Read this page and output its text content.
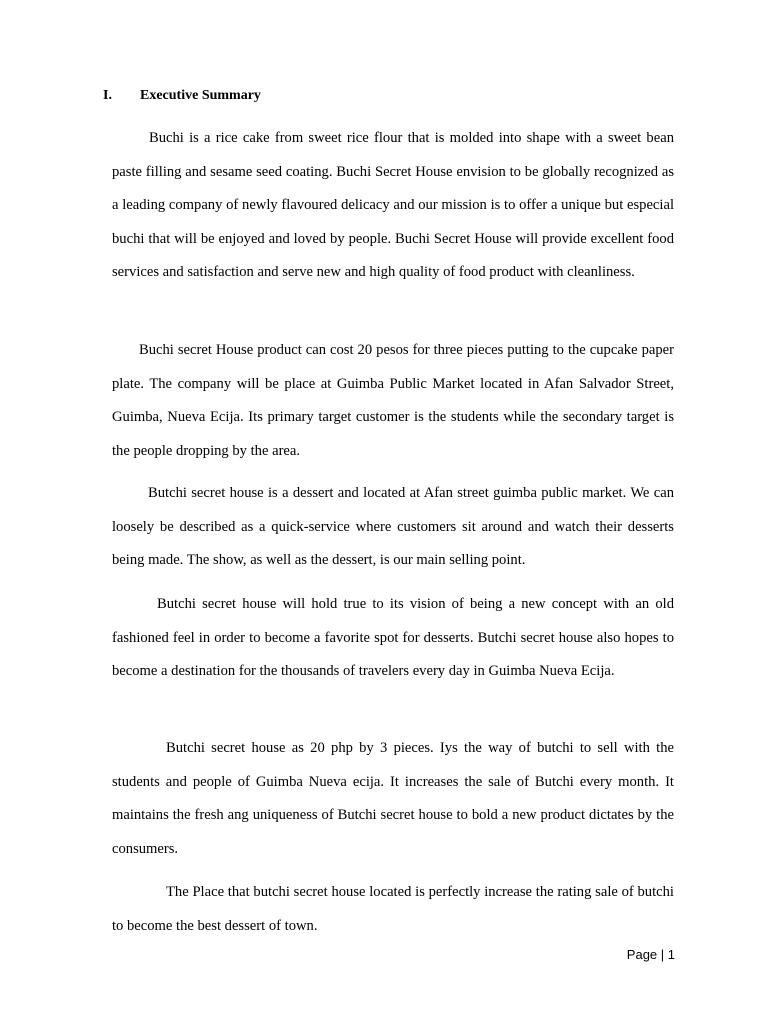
I. Executive Summary

Buchi is a rice cake from sweet rice flour that is molded into shape with a sweet bean paste filling and sesame seed coating. Buchi Secret House envision to be globally recognized as a leading company of newly flavoured delicacy and our mission is to offer a unique but especial buchi that will be enjoyed and loved by people. Buchi Secret House will provide excellent food services and satisfaction and serve new and high quality of food product with cleanliness.

Buchi secret House product can cost 20 pesos for three pieces putting to the cupcake paper plate. The company will be place at Guimba Public Market located in Afan Salvador Street, Guimba, Nueva Ecija. Its primary target customer is the students while the secondary target is the people dropping by the area.

Butchi secret house is a dessert and located at Afan street guimba public market. We can loosely be described as a quick-service where customers sit around and watch their desserts being made. The show, as well as the dessert, is our main selling point.

Butchi secret house will hold true to its vision of being a new concept with an old fashioned feel in order to become a favorite spot for desserts. Butchi secret house also hopes to become a destination for the thousands of travelers every day in Guimba Nueva Ecija.

Butchi secret house as 20 php by 3 pieces. Iys the way of butchi to sell with the students and people of Guimba Nueva ecija. It increases the sale of Butchi every month. It maintains the fresh ang uniqueness of Butchi secret house to bold a new product dictates by the consumers.

The Place that butchi secret house located is perfectly increase the rating sale of butchi to become the best dessert of town.

Page | 1
